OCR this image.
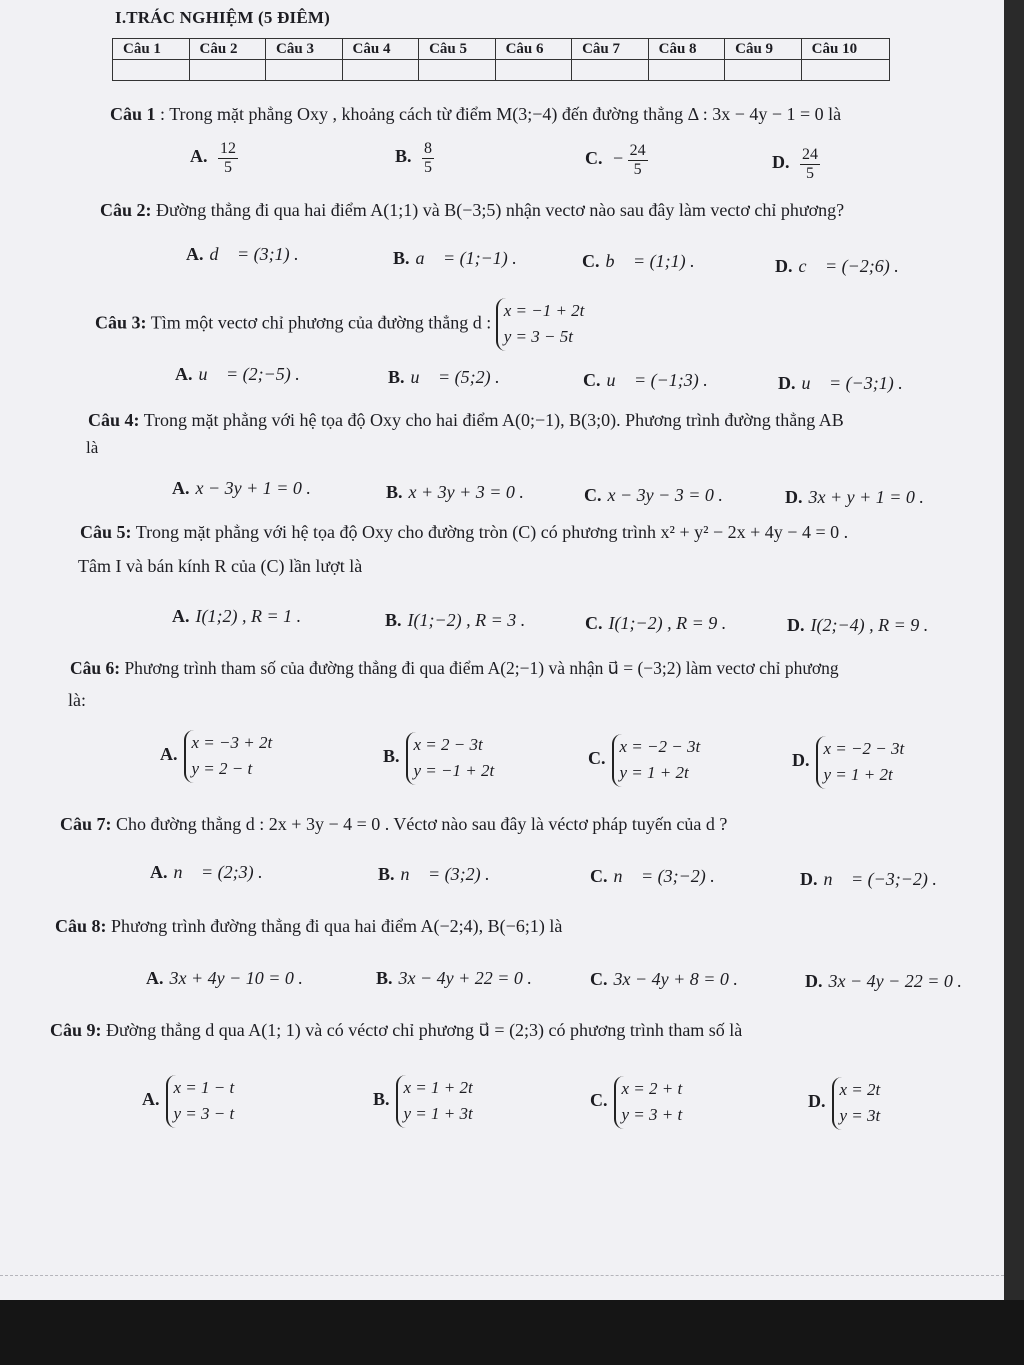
I.TRÁC NGHIỆM (5 ĐIÊM)
Câu 1	Câu 2	Câu 3	Câu 4	Câu 5	Câu 6	Câu 7	Câu 8	Câu 9	Câu 10

Câu 1 : Trong mặt phẳng Oxy , khoảng cách từ điểm M(3;−4) đến đường thẳng Δ : 3x − 4y − 1 = 0 là
A. $\frac{12}{5}$	B. $\frac{8}{5}$	C. − $\frac{24}{5}$	D. $\frac{24}{5}$
Câu 2: Đường thẳng đi qua hai điểm A(1;1) và B(−3;5) nhận vectơ nào sau đây làm vectơ chỉ phương?
A. d⃗ = (3;1) .	B. a⃗ = (1;−1) .	C. b⃗ = (1;1) .	D. c⃗ = (−2;6) .
Câu 3: Tìm một vectơ chỉ phương của đường thẳng d : x = −1 + 2t
y = 3 − 5t
A. u⃗ = (2;−5) .	B. u⃗ = (5;2) .	C. u⃗ = (−1;3) .	D. u⃗ = (−3;1) .
Câu 4: Trong mặt phẳng với hệ tọa độ Oxy cho hai điểm A(0;−1), B(3;0). Phương trình đường thẳng AB
là
A. x − 3y + 1 = 0 .	B. x + 3y + 3 = 0 .	C. x − 3y − 3 = 0 .	D. 3x + y + 1 = 0 .
Câu 5: Trong mặt phẳng với hệ tọa độ Oxy cho đường tròn (C) có phương trình x² + y² − 2x + 4y − 4 = 0 .
Tâm I và bán kính R của (C) lần lượt là
A. I(1;2) , R = 1 .	B. I(1;−2) , R = 3 .	C. I(1;−2) , R = 9 .	D. I(2;−4) , R = 9 .
Câu 6: Phương trình tham số của đường thẳng đi qua điểm A(2;−1) và nhận u⃗ = (−3;2) làm vectơ chỉ phương
là:
A.x = −3 + 2t
y = 2 − t
B.x = 2 − 3t
y = −1 + 2t
C.x = −2 − 3t
y = 1 + 2t
D.x = −2 − 3t
y = 1 + 2t
Câu 7: Cho đường thẳng d : 2x + 3y − 4 = 0 . Véctơ nào sau đây là véctơ pháp tuyến của d ?
A. n⃗ = (2;3) .	B. n⃗ = (3;2) .	C. n⃗ = (3;−2) .	D. n⃗ = (−3;−2) .
Câu 8: Phương trình đường thẳng đi qua hai điểm A(−2;4), B(−6;1) là
A. 3x + 4y − 10 = 0 .	B. 3x − 4y + 22 = 0 .	C. 3x − 4y + 8 = 0 .	D. 3x − 4y − 22 = 0 .
Câu 9: Đường thẳng d qua A(1; 1) và có véctơ chỉ phương u⃗ = (2;3) có phương trình tham số là
A.x = 1 − t
y = 3 − t
B.x = 1 + 2t
y = 1 + 3t
C.x = 2 + t
y = 3 + t
D.x = 2t
y = 3t
